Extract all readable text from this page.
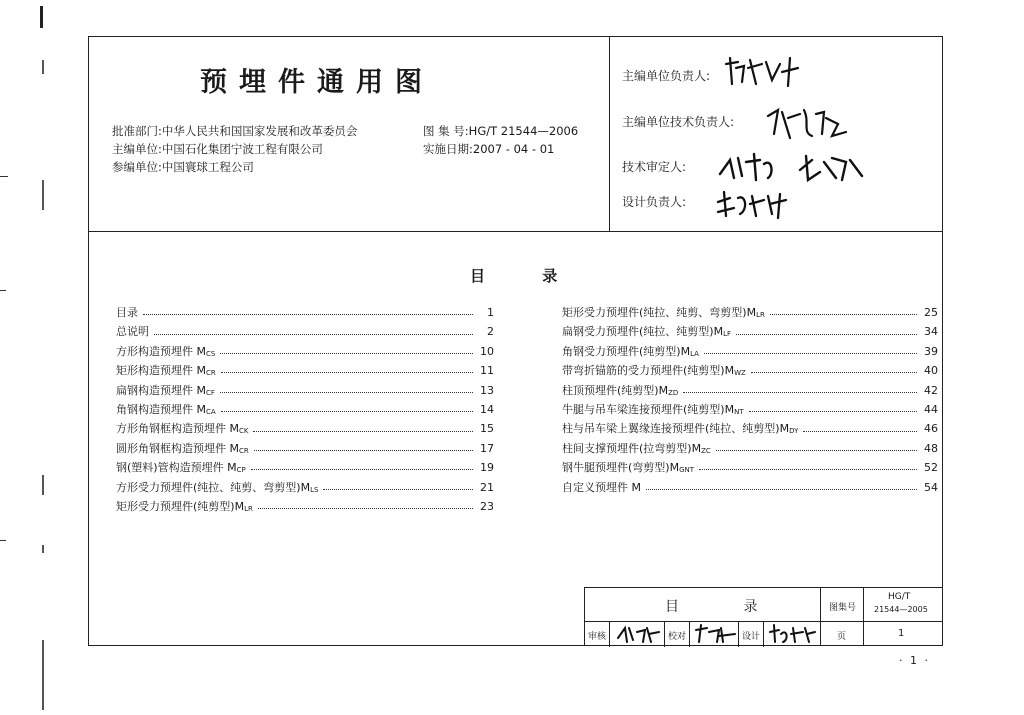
预埋件通用图
批准部门:中华人民共和国国家发展和改革委员会
主编单位:中国石化集团宁波工程有限公司
参编单位:中国寰球工程公司
图 集 号:HG/T 21544—2006
实施日期:2007 - 04 - 01
主编单位负责人:
主编单位技术负责人:
技术审定人:
设计负责人:
目 录
目录	1
总说明	2
方形构造预埋件 $M_{CS}$	10
矩形构造预埋件 $M_{CR}$	11
扁钢构造预埋件 $M_{CF}$	13
角钢构造预埋件 $M_{CA}$	14
方形角钢框构造预埋件 $M_{CK}$	15
圆形角钢框构造预埋件 $M_{CR}$	17
钢(塑料)管构造预埋件 $M_{CP}$	19
方形受力预埋件(纯拉、纯剪、弯剪型)$M_{LS}$	21
矩形受力预埋件(纯剪型)$M_{LR}$	23
矩形受力预埋件(纯拉、纯剪、弯剪型)$M_{LR}$	25
扁钢受力预埋件(纯拉、纯剪型)$M_{LF}$	34
角钢受力预埋件(纯剪型)$M_{LA}$	39
带弯折锚筋的受力预埋件(纯剪型)$M_{WZ}$	40
柱顶预埋件(纯剪型)$M_{ZD}$	42
牛腿与吊车梁连接预埋件(纯剪型)$M_{NT}$	44
柱与吊车梁上翼缘连接预埋件(纯拉、纯剪型)$M_{DY}$	46
柱间支撑预埋件(拉弯剪型)$M_{ZC}$	48
钢牛腿预埋件(弯剪型)$M_{GNT}$	52
自定义预埋件 M	54
目 录	图集号
HG/T
21544—2005
审核	校对	设计	页	1
· 1 ·
